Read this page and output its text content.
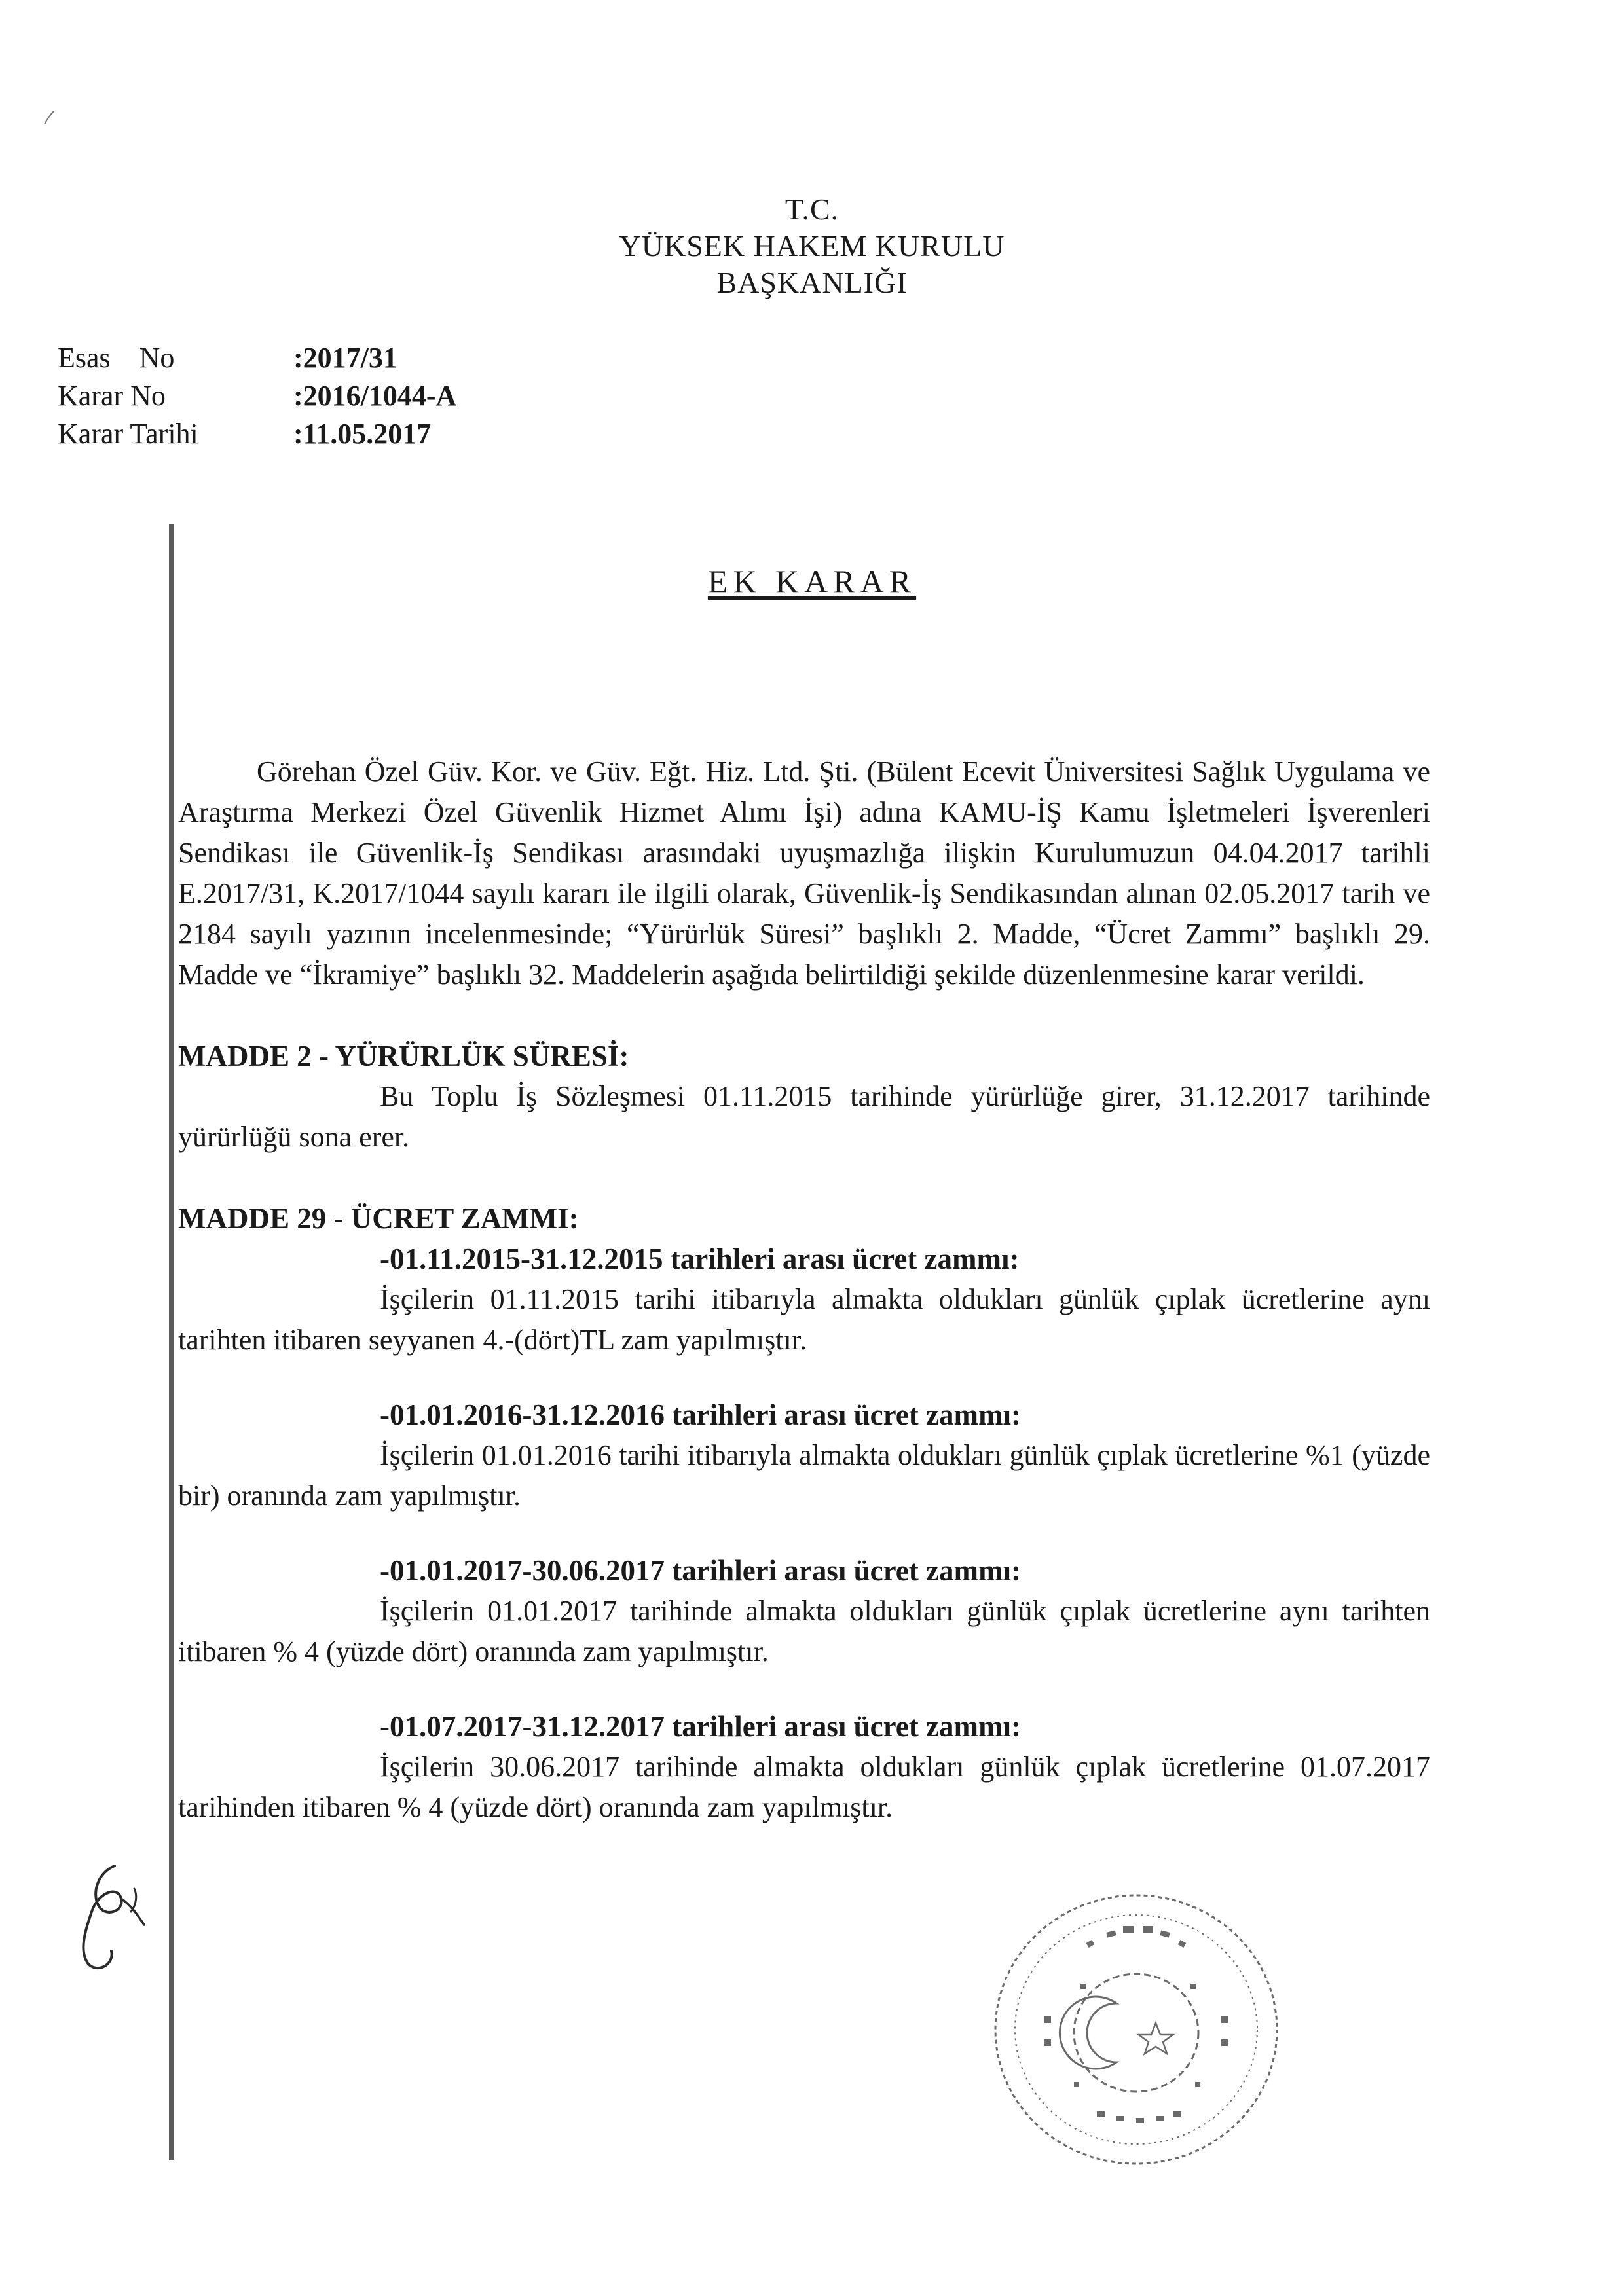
T.C.
YÜKSEK HAKEM KURULU
BAŞKANLIĞI
Esas    No	:2017/31
Karar No	:2016/1044-A
Karar Tarihi	:11.05.2017
EK KARAR

Görehan Özel Güv. Kor. ve Güv. Eğt. Hiz. Ltd. Şti. (Bülent Ecevit Üniversitesi Sağlık Uygulama ve Araştırma Merkezi Özel Güvenlik Hizmet Alımı İşi) adına KAMU-İŞ Kamu İşletmeleri İşverenleri Sendikası ile Güvenlik-İş Sendikası arasındaki uyuşmazlığa ilişkin Kurulumuzun 04.04.2017 tarihli E.2017/31, K.2017/1044 sayılı kararı ile ilgili olarak, Güvenlik-İş Sendikasından alınan 02.05.2017 tarih ve 2184 sayılı yazının incelenmesinde; “Yürürlük Süresi” başlıklı 2. Madde, “Ücret Zammı” başlıklı 29. Madde ve “İkramiye” başlıklı 32. Maddelerin aşağıda belirtildiği şekilde düzenlenmesine karar verildi.

MADDE 2 - YÜRÜRLÜK SÜRESİ:

Bu Toplu İş Sözleşmesi 01.11.2015 tarihinde yürürlüğe girer, 31.12.2017 tarihinde yürürlüğü sona erer.

MADDE 29 - ÜCRET ZAMMI:

-01.11.2015-31.12.2015 tarihleri arası ücret zammı:

İşçilerin 01.11.2015 tarihi itibarıyla almakta oldukları günlük çıplak ücretlerine aynı tarihten itibaren seyyanen 4.-(dört)TL zam yapılmıştır.

-01.01.2016-31.12.2016 tarihleri arası ücret zammı:

İşçilerin 01.01.2016 tarihi itibarıyla almakta oldukları günlük çıplak ücretlerine %1 (yüzde bir) oranında zam yapılmıştır.

-01.01.2017-30.06.2017 tarihleri arası ücret zammı:

İşçilerin 01.01.2017 tarihinde almakta oldukları günlük çıplak ücretlerine aynı tarihten itibaren % 4 (yüzde dört) oranında zam yapılmıştır.

-01.07.2017-31.12.2017 tarihleri arası ücret zammı:

İşçilerin 30.06.2017 tarihinde almakta oldukları günlük çıplak ücretlerine 01.07.2017 tarihinden itibaren % 4 (yüzde dört) oranında zam yapılmıştır.
